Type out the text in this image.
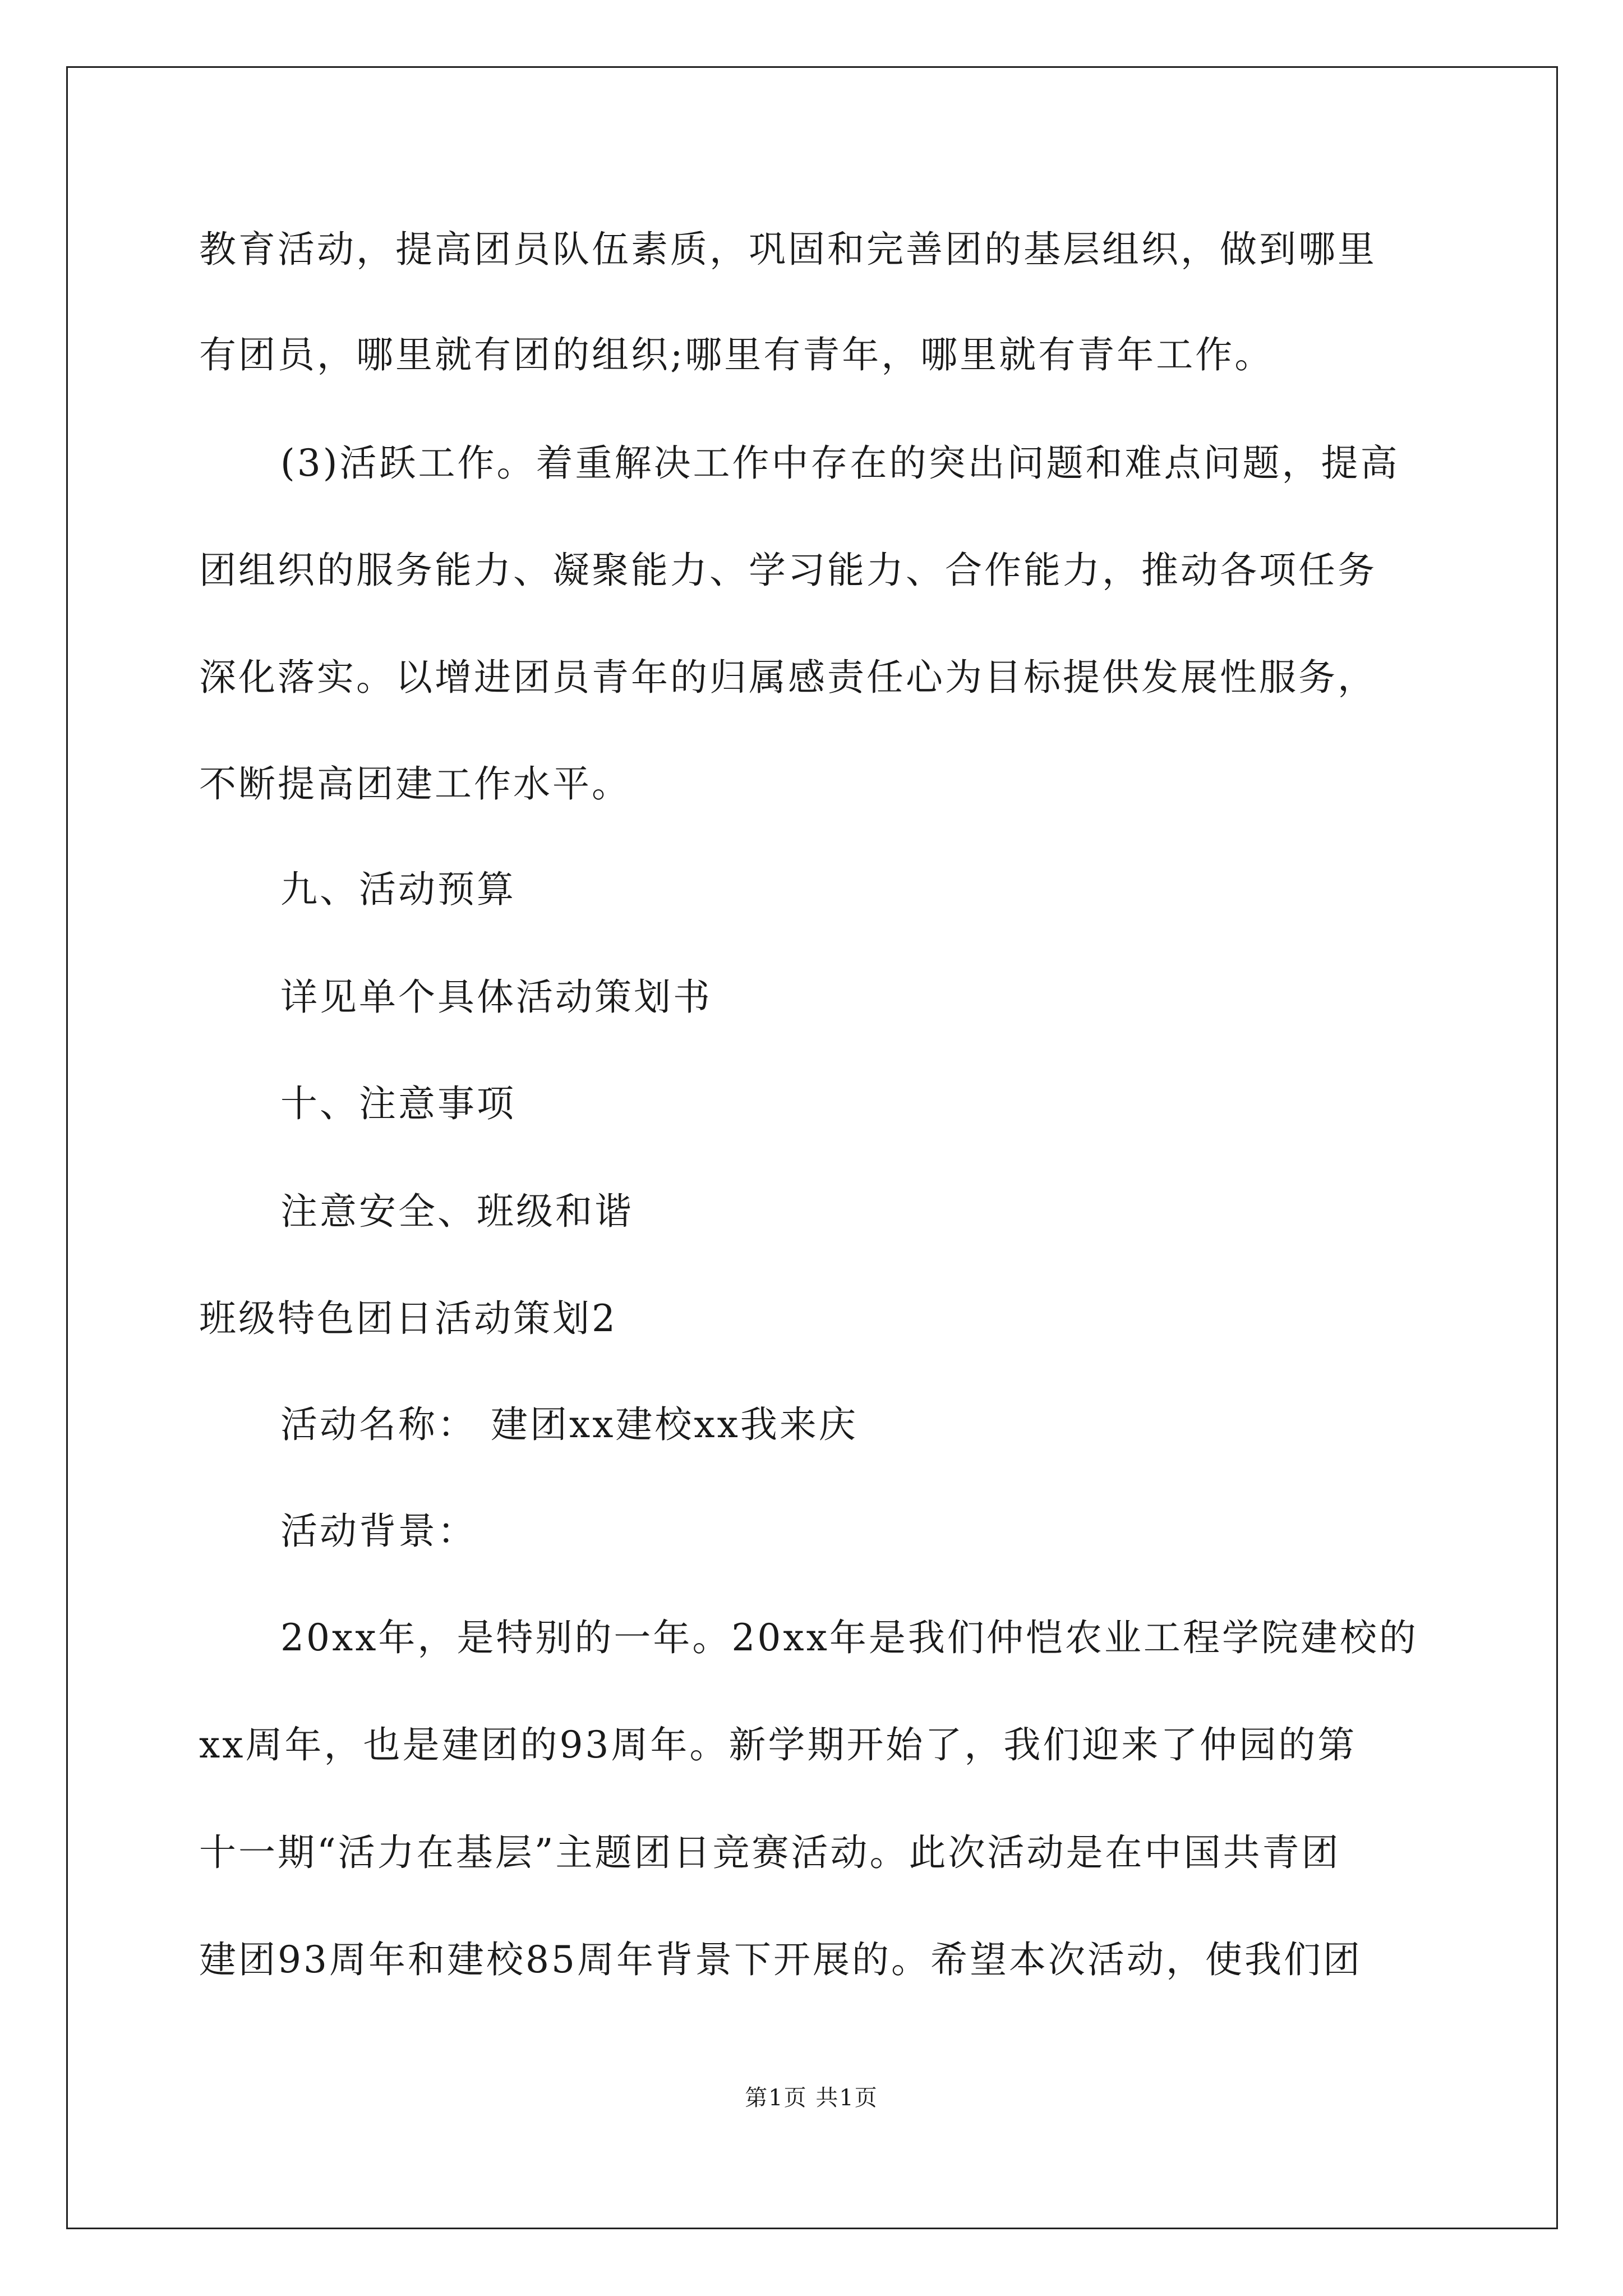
教育活动，提高团员队伍素质，巩固和完善团的基层组织，做到哪里
有团员，哪里就有团的组织;哪里有青年，哪里就有青年工作。
(3)活跃工作。着重解决工作中存在的突出问题和难点问题，提高
团组织的服务能力、凝聚能力、学习能力、合作能力，推动各项任务
深化落实。以增进团员青年的归属感责任心为目标提供发展性服务，
不断提高团建工作水平。
九、活动预算
详见单个具体活动策划书
十、注意事项
注意安全、班级和谐
班级特色团日活动策划2
活动名称： 建团xx建校xx我来庆
活动背景：
20xx年，是特别的一年。20xx年是我们仲恺农业工程学院建校的
xx周年，也是建团的93周年。新学期开始了，我们迎来了仲园的第
十一期“活力在基层”主题团日竞赛活动。此次活动是在中国共青团
建团93周年和建校85周年背景下开展的。希望本次活动，使我们团
第1页 共1页
